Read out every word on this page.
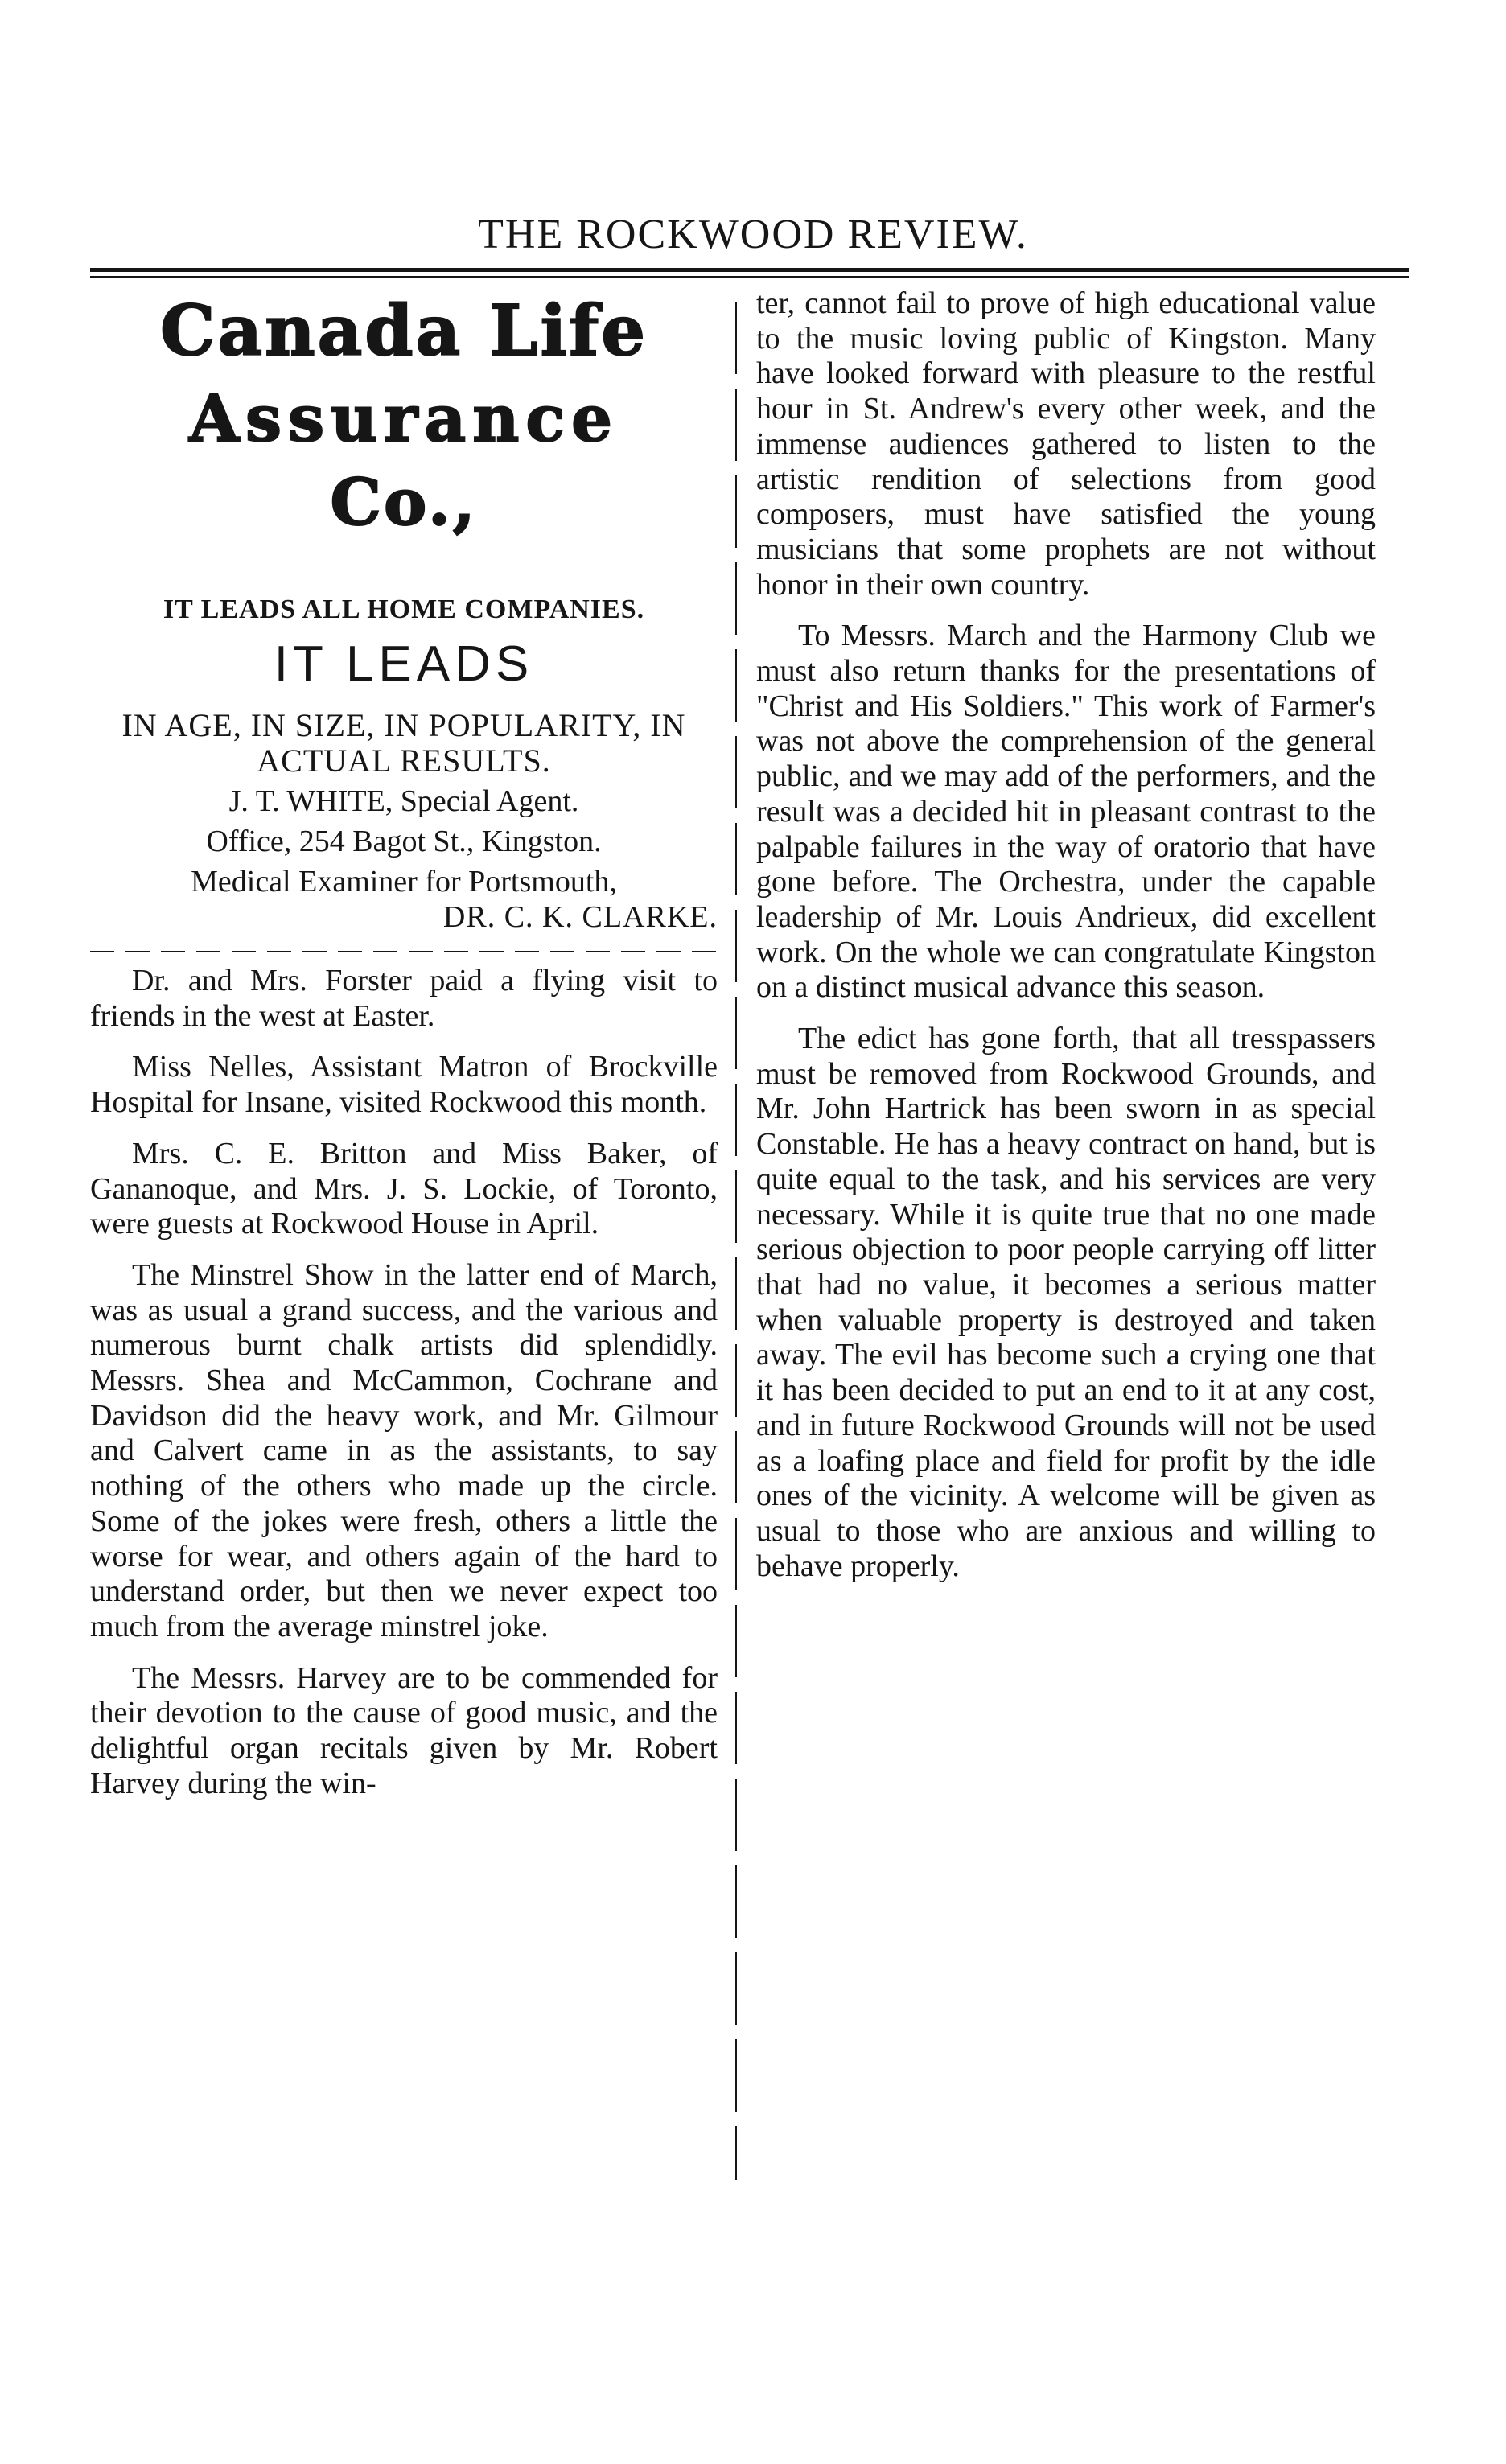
THE ROCKWOOD REVIEW.
Canada Life
Assurance
Co.,
IT LEADS ALL HOME COMPANIES.
IT LEADS
IN AGE, IN SIZE, IN POPULARITY, IN ACTUAL RESULTS.
J. T. WHITE, Special Agent.
Office, 254 Bagot St., Kingston.
Medical Examiner for Portsmouth,
DR. C. K. CLARKE.

Dr. and Mrs. Forster paid a flying visit to friends in the west at Easter.

Miss Nelles, Assistant Matron of Brockville Hospital for Insane, visited Rockwood this month.

Mrs. C. E. Britton and Miss Baker, of Gananoque, and Mrs. J. S. Lockie, of Toronto, were guests at Rockwood House in April.

The Minstrel Show in the latter end of March, was as usual a grand success, and the various and numerous burnt chalk artists did splendidly. Messrs. Shea and McCammon, Cochrane and Davidson did the heavy work, and Mr. Gilmour and Calvert came in as the assistants, to say nothing of the others who made up the circle. Some of the jokes were fresh, others a little the worse for wear, and others again of the hard to understand order, but then we never expect too much from the average minstrel joke.

The Messrs. Harvey are to be commended for their devotion to the cause of good music, and the delightful organ recitals given by Mr. Robert Harvey during the win-

ter, cannot fail to prove of high educational value to the music loving public of Kingston. Many have looked forward with pleasure to the restful hour in St. Andrew's every other week, and the immense audiences gathered to listen to the artistic rendition of selections from good composers, must have satisfied the young musicians that some prophets are not without honor in their own country.

To Messrs. March and the Harmony Club we must also return thanks for the presentations of "Christ and His Soldiers." This work of Farmer's was not above the comprehension of the general public, and we may add of the performers, and the result was a decided hit in pleasant contrast to the palpable failures in the way of oratorio that have gone before. The Orchestra, under the capable leadership of Mr. Louis Andrieux, did excellent work. On the whole we can congratulate Kingston on a distinct musical advance this season.

The edict has gone forth, that all tresspassers must be removed from Rockwood Grounds, and Mr. John Hartrick has been sworn in as special Constable. He has a heavy contract on hand, but is quite equal to the task, and his services are very necessary. While it is quite true that no one made serious objection to poor people carrying off litter that had no value, it becomes a serious matter when valuable property is destroyed and taken away. The evil has become such a crying one that it has been decided to put an end to it at any cost, and in future Rockwood Grounds will not be used as a loafing place and field for profit by the idle ones of the vicinity. A welcome will be given as usual to those who are anxious and willing to behave properly.
